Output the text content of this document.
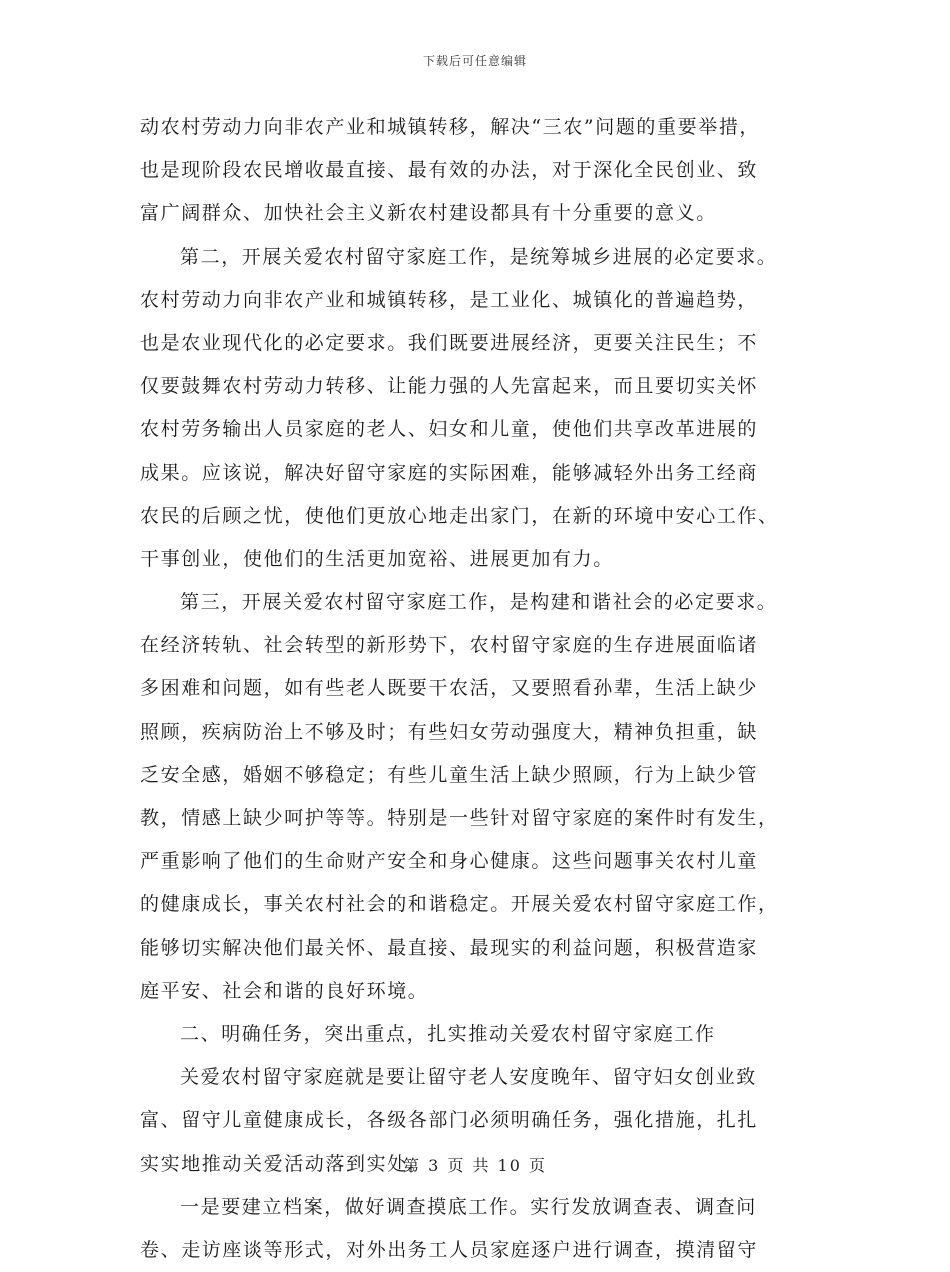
下载后可任意编辑
动农村劳动力向非农产业和城镇转移，解决“三农”问题的重要举措，
也是现阶段农民增收最直接、最有效的办法，对于深化全民创业、致
富广阔群众、加快社会主义新农村建设都具有十分重要的意义。
第二，开展关爱农村留守家庭工作，是统筹城乡进展的必定要求。
农村劳动力向非农产业和城镇转移，是工业化、城镇化的普遍趋势，
也是农业现代化的必定要求。我们既要进展经济，更要关注民生；不
仅要鼓舞农村劳动力转移、让能力强的人先富起来，而且要切实关怀
农村劳务输出人员家庭的老人、妇女和儿童，使他们共享改革进展的
成果。应该说，解决好留守家庭的实际困难，能够减轻外出务工经商
农民的后顾之忧，使他们更放心地走出家门，在新的环境中安心工作、
干事创业，使他们的生活更加宽裕、进展更加有力。
第三，开展关爱农村留守家庭工作，是构建和谐社会的必定要求。
在经济转轨、社会转型的新形势下，农村留守家庭的生存进展面临诸
多困难和问题，如有些老人既要干农活，又要照看孙辈，生活上缺少
照顾，疾病防治上不够及时；有些妇女劳动强度大，精神负担重，缺
乏安全感，婚姻不够稳定；有些儿童生活上缺少照顾，行为上缺少管
教，情感上缺少呵护等等。特别是一些针对留守家庭的案件时有发生，
严重影响了他们的生命财产安全和身心健康。这些问题事关农村儿童
的健康成长，事关农村社会的和谐稳定。开展关爱农村留守家庭工作，
能够切实解决他们最关怀、最直接、最现实的利益问题，积极营造家
庭平安、社会和谐的良好环境。
二、明确任务，突出重点，扎实推动关爱农村留守家庭工作
关爱农村留守家庭就是要让留守老人安度晚年、留守妇女创业致
富、留守儿童健康成长，各级各部门必须明确任务，强化措施，扎扎
实实地推动关爱活动落到实处。
一是要建立档案，做好调查摸底工作。实行发放调查表、调查问
卷、走访座谈等形式，对外出务工人员家庭逐户进行调查，摸清留守
第 3 页 共 10 页
